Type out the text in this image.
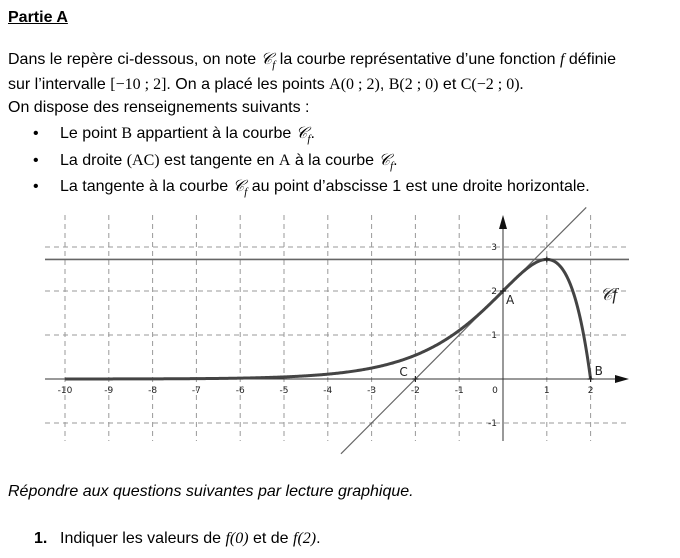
Partie A
Dans le repère ci-dessous, on note 𝒞$_f$ la courbe représentative d’une fonction f définie
sur l’intervalle [−10 ; 2]. On a placé les points A(0 ; 2), B(2 ; 0) et C(−2 ; 0).
On dispose des renseignements suivants :
• Le point B appartient à la courbe 𝒞$_f$.
• La droite (AC) est tangente en A à la courbe 𝒞$_f$.
• La tangente à la courbe 𝒞$_f$ au point d’abscisse 1 est une droite horizontale.
-10	-9	-8	-7	-6	-5	-4	-3	-2	-1	0	1	2
-1
1
2
3
A
B
C
𝒞f
Répondre aux questions suivantes par lecture graphique.
1. Indiquer les valeurs de f(0) et de f(2).
